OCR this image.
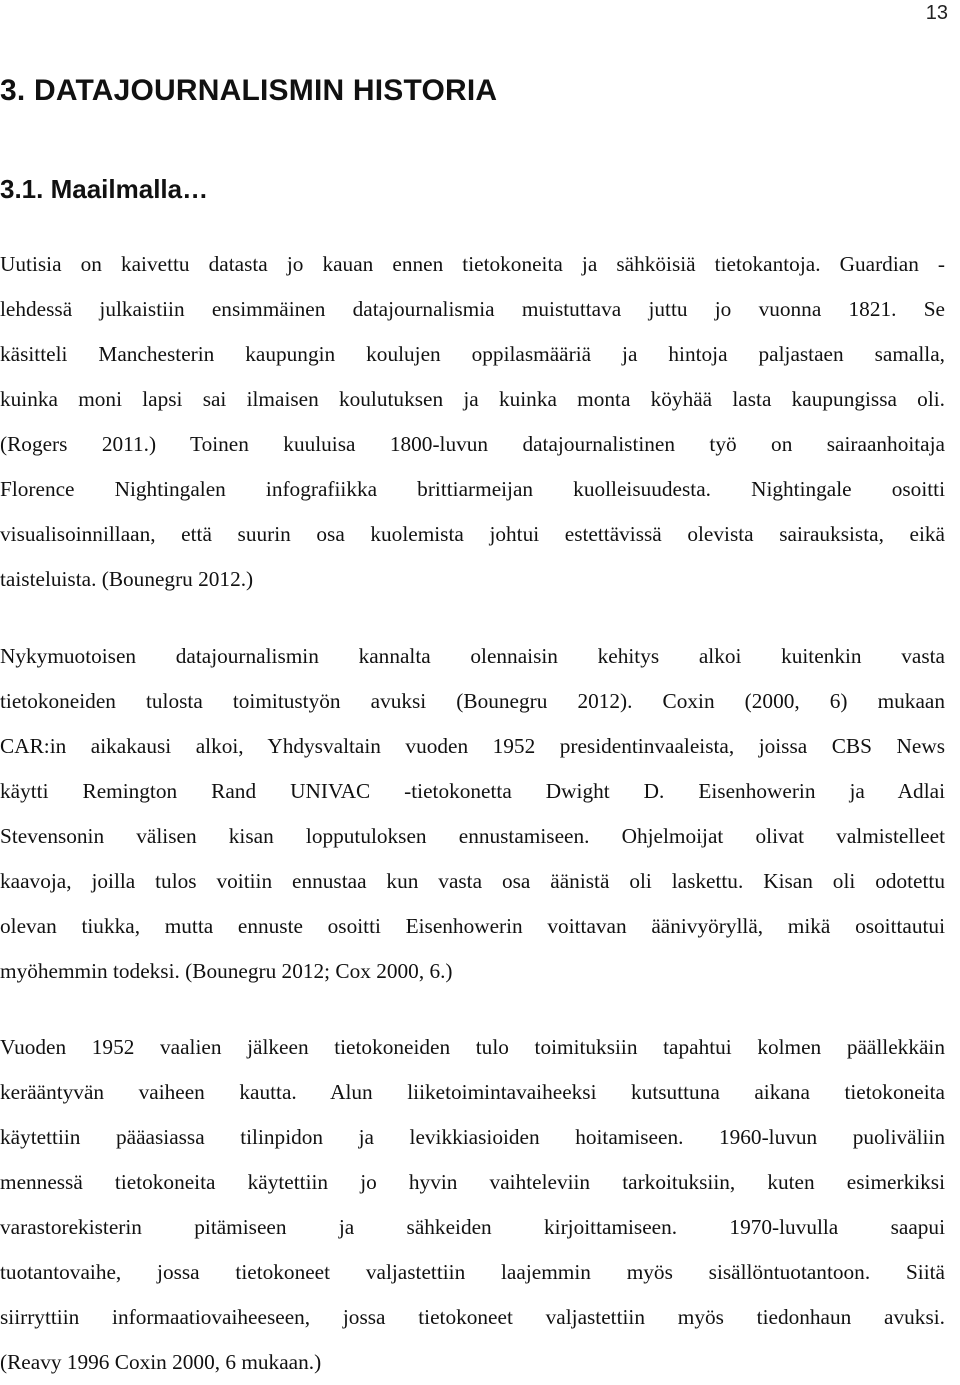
13
3. DATAJOURNALISMIN HISTORIA
3.1. Maailmalla…
Uutisia on kaivettu datasta jo kauan ennen tietokoneita ja sähköisiä tietokantoja. Guardian -
lehdessä julkaistiin ensimmäinen datajournalismia muistuttava juttu jo vuonna 1821. Se
käsitteli Manchesterin kaupungin koulujen oppilasmääriä ja hintoja paljastaen samalla,
kuinka moni lapsi sai ilmaisen koulutuksen ja kuinka monta köyhää lasta kaupungissa oli.
(Rogers 2011.) Toinen kuuluisa 1800-luvun datajournalistinen työ on sairaanhoitaja
Florence Nightingalen infografiikka brittiarmeijan kuolleisuudesta. Nightingale osoitti
visualisoinnillaan, että suurin osa kuolemista johtui estettävissä olevista sairauksista, eikä
taisteluista. (Bounegru 2012.)
Nykymuotoisen datajournalismin kannalta olennaisin kehitys alkoi kuitenkin vasta
tietokoneiden tulosta toimitustyön avuksi (Bounegru 2012). Coxin (2000, 6) mukaan
CAR:in aikakausi alkoi, Yhdysvaltain vuoden 1952 presidentinvaaleista, joissa CBS News
käytti Remington Rand UNIVAC -tietokonetta Dwight D. Eisenhowerin ja Adlai
Stevensonin välisen kisan lopputuloksen ennustamiseen. Ohjelmoijat olivat valmistelleet
kaavoja, joilla tulos voitiin ennustaa kun vasta osa äänistä oli laskettu. Kisan oli odotettu
olevan tiukka, mutta ennuste osoitti Eisenhowerin voittavan äänivyöryllä, mikä osoittautui
myöhemmin todeksi. (Bounegru 2012; Cox 2000, 6.)
Vuoden 1952 vaalien jälkeen tietokoneiden tulo toimituksiin tapahtui kolmen päällekkäin
kerääntyvän vaiheen kautta. Alun liiketoimintavaiheeksi kutsuttuna aikana tietokoneita
käytettiin pääasiassa tilinpidon ja levikkiasioiden hoitamiseen. 1960-luvun puoliväliin
mennessä tietokoneita käytettiin jo hyvin vaihteleviin tarkoituksiin, kuten esimerkiksi
varastorekisterin pitämiseen ja sähkeiden kirjoittamiseen. 1970-luvulla saapui
tuotantovaihe, jossa tietokoneet valjastettiin laajemmin myös sisällöntuotantoon. Siitä
siirryttiin informaatiovaiheeseen, jossa tietokoneet valjastettiin myös tiedonhaun avuksi.
(Reavy 1996 Coxin 2000, 6 mukaan.)
